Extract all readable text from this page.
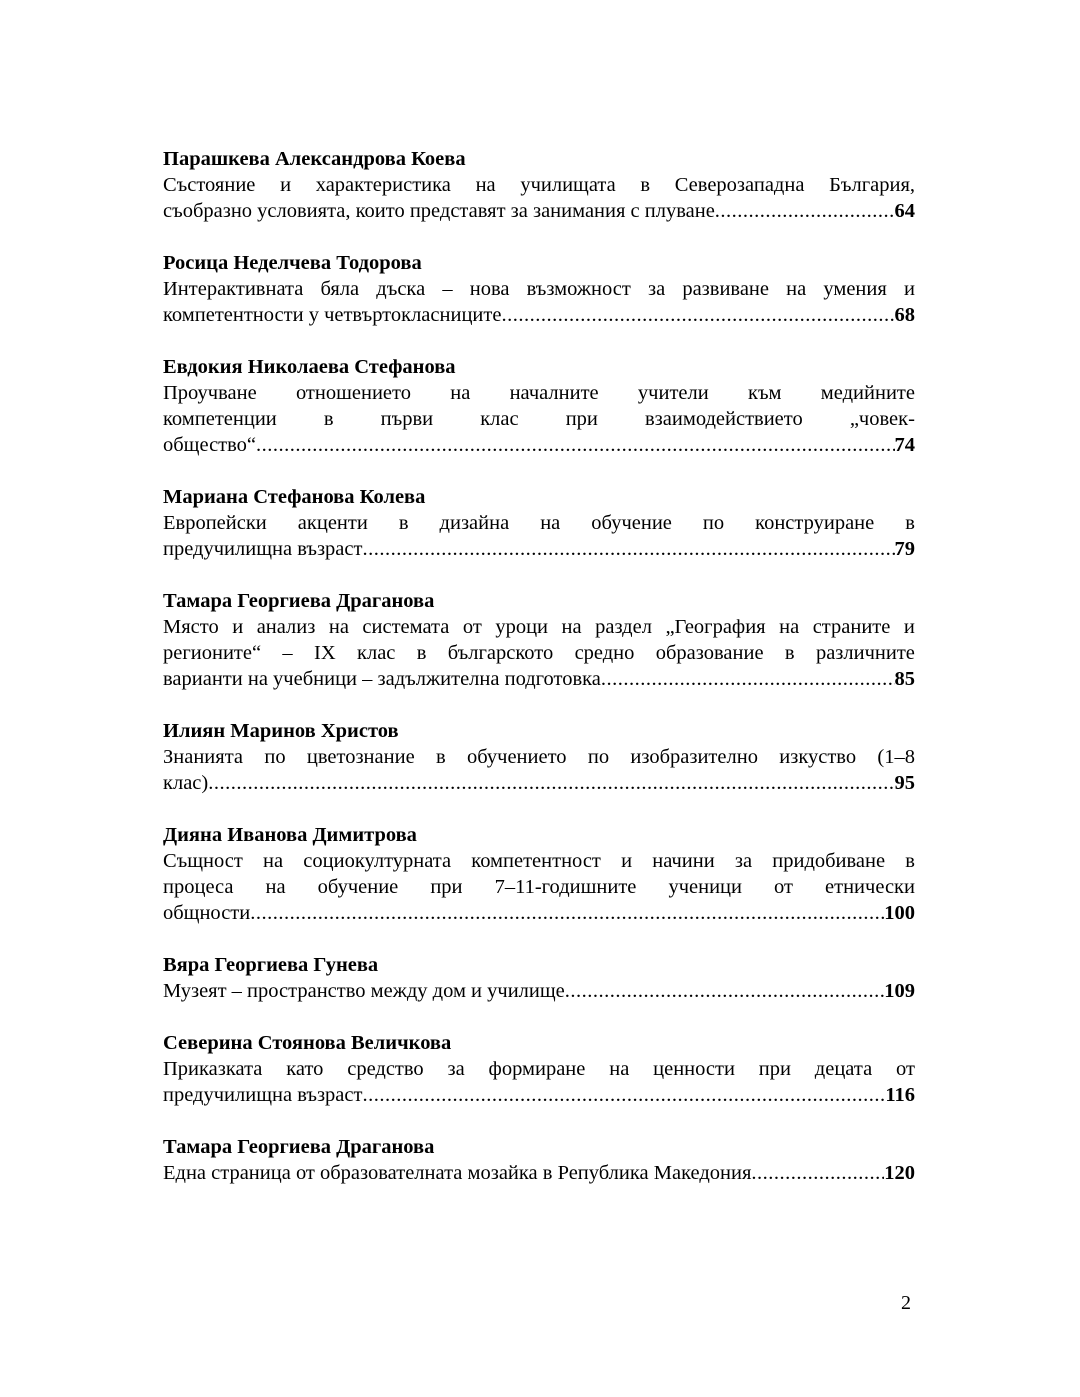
Парашкева Александрова Коева
Състояние и характеристика на училищата в Северозападна България,
съобразно условията, които представят за занимания с плуване .....	64
Росица Неделчева Тодорова
Интерактивната бяла дъска – нова възможност за развиване на умения и
компетентности у четвъртокласниците .....	68
Евдокия Николаева Стефанова
Проучване отношението на началните учители към медийните
компетенции в първи клас при взаимодействието „човек-
общество“ .....	74
Мариана Стефанова Колева
Европейски акценти в дизайна на обучение по конструиране в
предучилищна възраст .....	79
Тамара Георгиева Драганова
Място и анализ на системата от уроци на раздел „География на страните и
регионите“ – IX клас в българското средно образование в различните
варианти на учебници – задължителна подготовка .....	85
Илиян Маринов Христов
Знанията по цветознание в обучението по изобразително изкуство (1–8
клас) .....	95
Дияна Иванова Димитрова
Същност на социокултурната компетентност и начини за придобиване в
процеса на обучение при 7–11-годишните ученици от етнически
общности .....	100
Вяра Георгиева Гунева
Музеят – пространство между дом и училище .....	109
Северина Стоянова Величкова
Приказката като средство за формиране на ценности при децата от
предучилищна възраст .....	116
Тамара Георгиева Драганова
Една страница от образователната мозайка в Република Македония .....	120
2
